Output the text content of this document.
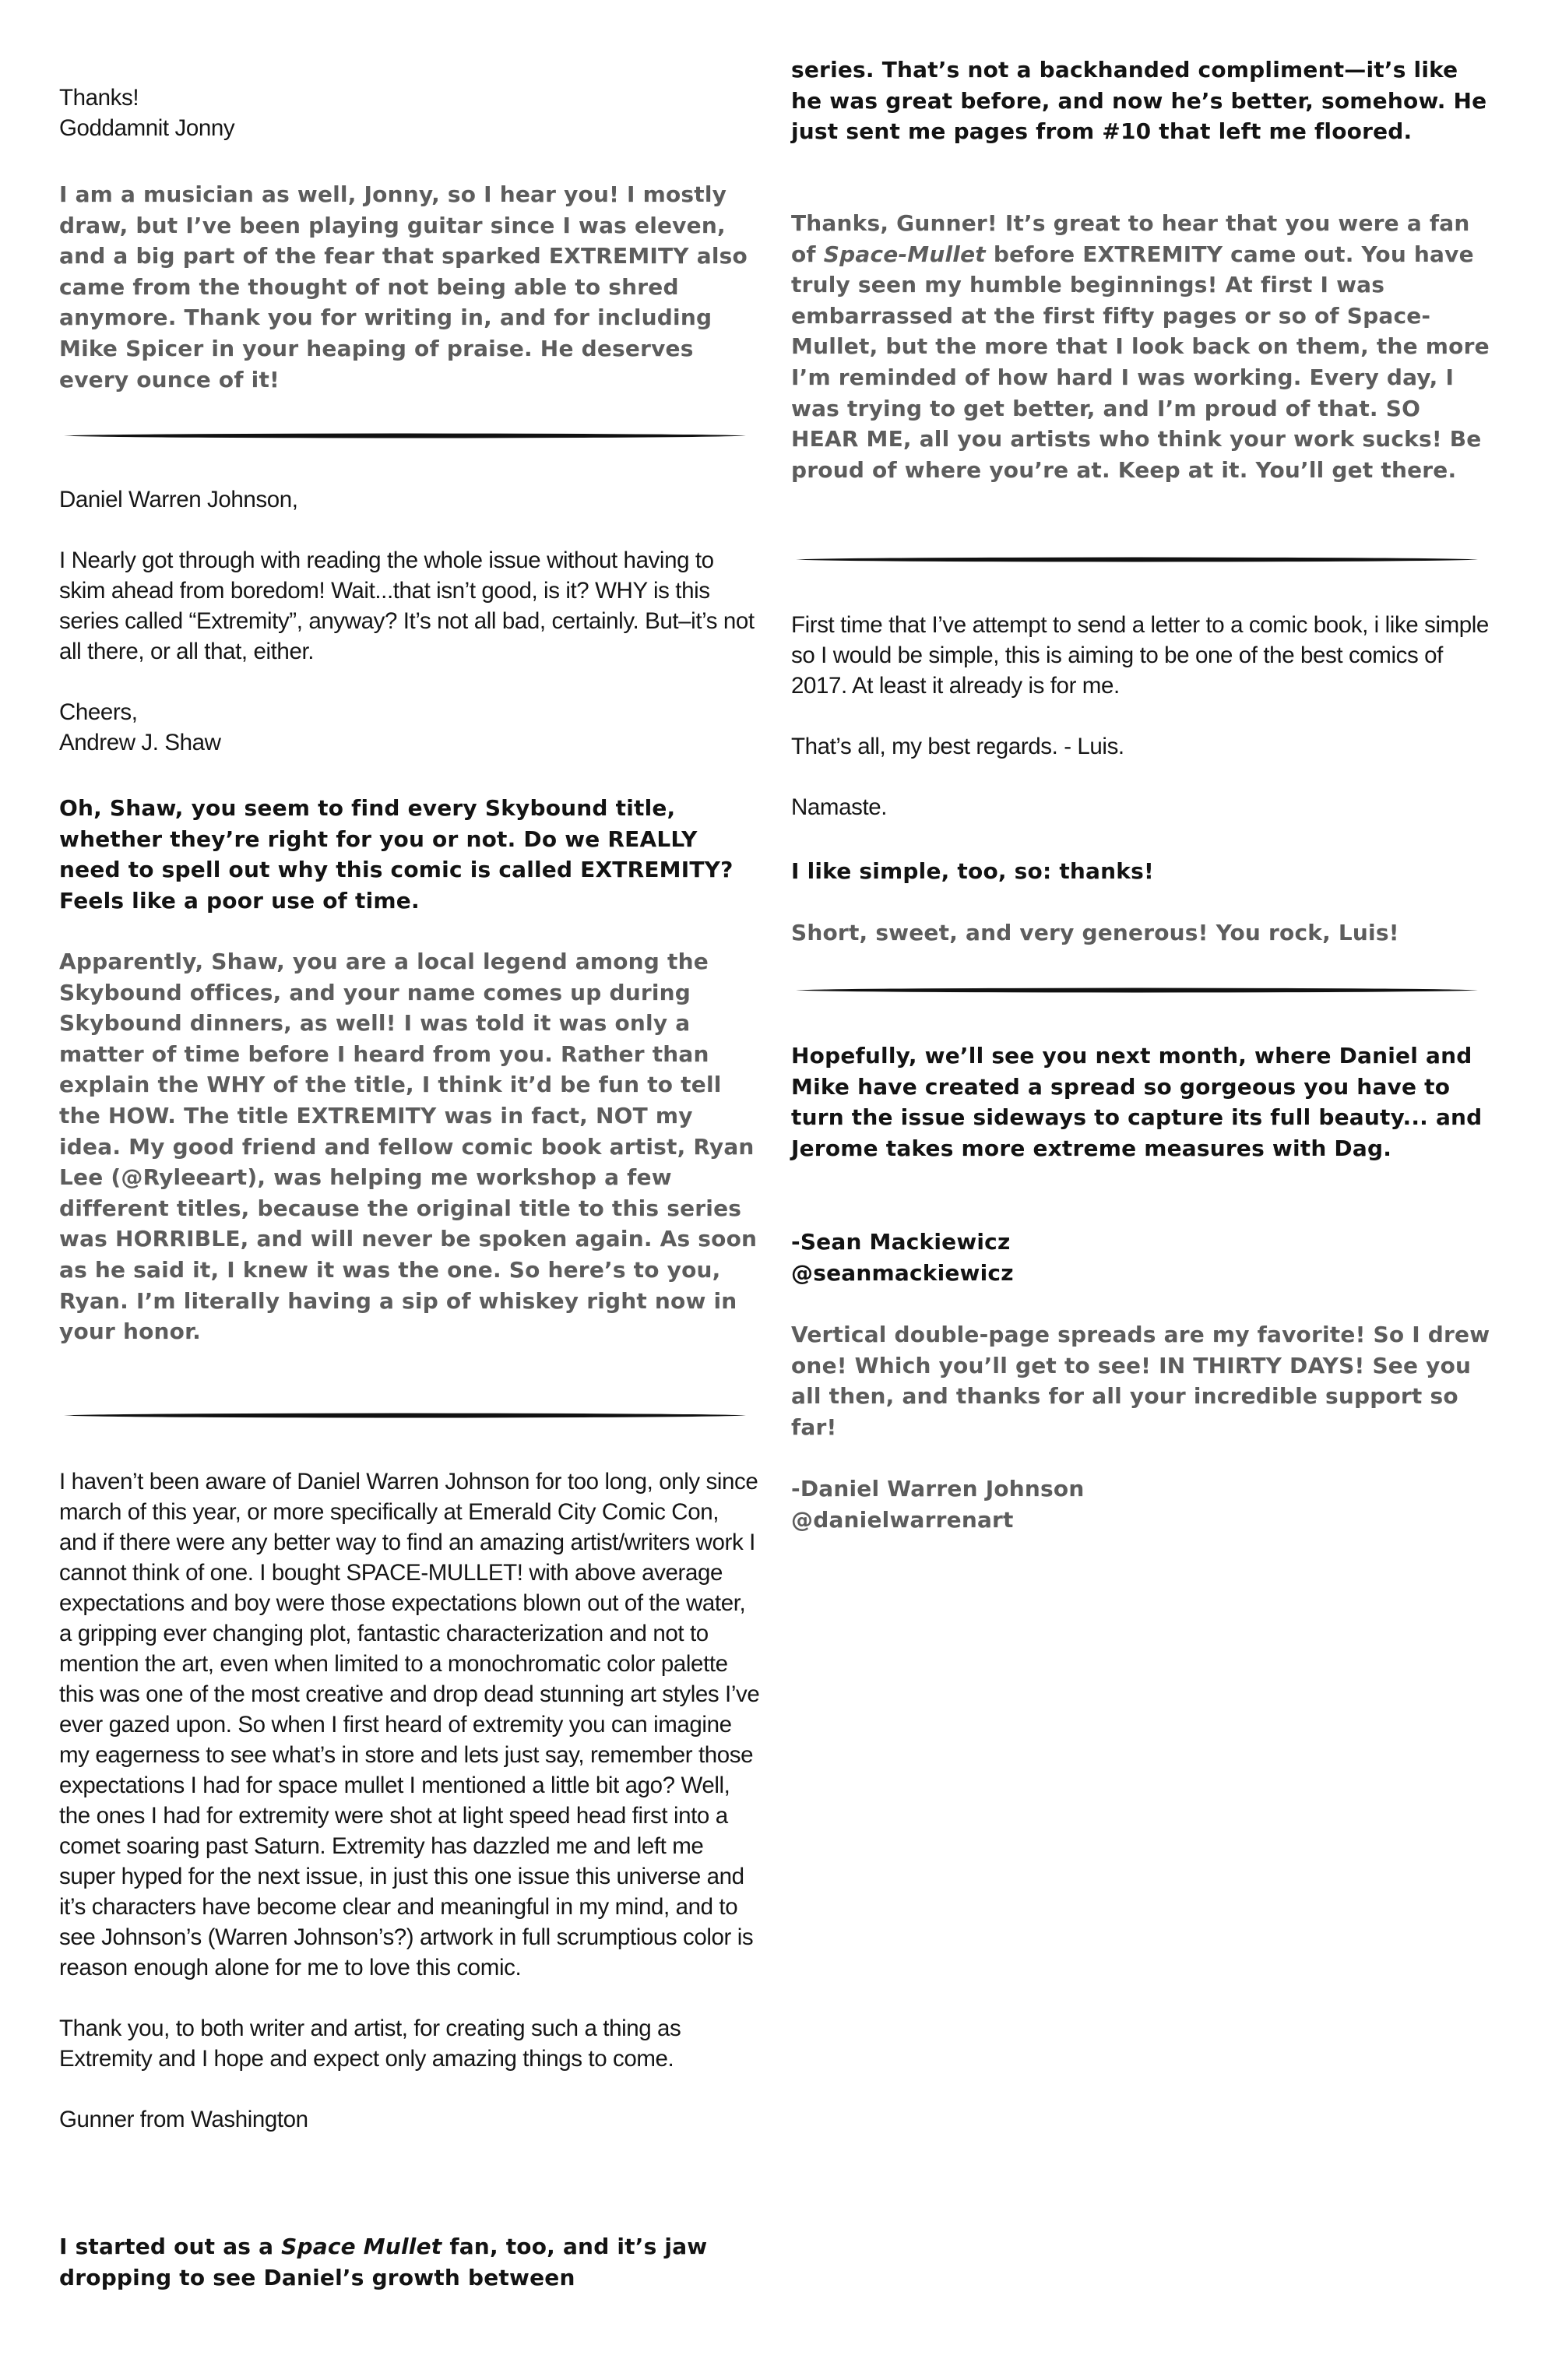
Thanks!
Goddamnit Jonny

I am a musician as well, Jonny, so I hear you! I mostly draw, but I’ve been playing guitar since I was eleven, and a big part of the fear that sparked EXTREMITY also came from the thought of not being able to shred anymore. Thank you for writing in, and for including Mike Spicer in your heaping of praise. He deserves every ounce of it!

Daniel Warren Johnson,
I Nearly got through with reading the whole issue without having to skim ahead from boredom! Wait...that isn’t good, is it? WHY is this series called “Extremity”, anyway? It’s not all bad, certainly. But–it’s not all there, or all that, either.
Cheers,
Andrew J. Shaw

Oh, Shaw, you seem to find every Skybound title, whether they’re right for you or not. Do we REALLY need to spell out why this comic is called EXTREMITY? Feels like a poor use of time.

Apparently, Shaw, you are a local legend among the Skybound offices, and your name comes up during Skybound dinners, as well! I was told it was only a matter of time before I heard from you. Rather than explain the WHY of the title, I think it’d be fun to tell the HOW. The title EXTREMITY was in fact, NOT my idea. My good friend and fellow comic book artist, Ryan Lee (@Ryleeart), was helping me workshop a few different titles, because the original title to this series was HORRIBLE, and will never be spoken again. As soon as he said it, I knew it was the one. So here’s to you, Ryan. I’m literally having a sip of whiskey right now in your honor.

I haven’t been aware of Daniel Warren Johnson for too long, only since march of this year, or more specifically at Emerald City Comic Con, and if there were any better way to find an amazing artist/writers work I cannot think of one. I bought SPACE-MULLET! with above average expectations and boy were those expectations blown out of the water, a gripping ever changing plot, fantastic characterization and not to mention the art, even when limited to a monochromatic color palette this was one of the most creative and drop dead stunning art styles I’ve ever gazed upon. So when I first heard of extremity you can imagine my eagerness to see what’s in store and lets just say, remember those expectations I had for space mullet I mentioned a little bit ago? Well, the ones I had for extremity were shot at light speed head first into a comet soaring past Saturn. Extremity has dazzled me and left me super hyped for the next issue, in just this one issue this universe and it’s characters have become clear and meaningful in my mind, and to see Johnson’s (Warren Johnson’s?) artwork in full scrumptious color is reason enough alone for me to love this comic.
Thank you, to both writer and artist, for creating such a thing as Extremity and I hope and expect only amazing things to come.
Gunner from Washington

I started out as a Space Mullet fan, too, and it’s jaw dropping to see Daniel’s growth between

series. That’s not a backhanded compliment—it’s like he was great before, and now he’s better, somehow. He just sent me pages from #10 that left me floored.

Thanks, Gunner! It’s great to hear that you were a fan of Space-Mullet before EXTREMITY came out. You have truly seen my humble beginnings! At first I was embarrassed at the first fifty pages or so of Space-Mullet, but the more that I look back on them, the more I’m reminded of how hard I was working. Every day, I was trying to get better, and I’m proud of that. SO HEAR ME, all you artists who think your work sucks! Be proud of where you’re at. Keep at it. You’ll get there.

First time that I’ve attempt to send a letter to a comic book, i like simple so I would be simple, this is aiming to be one of the best comics of 2017. At least it already is for me.
That’s all, my best regards. - Luis.
Namaste.

I like simple, too, so: thanks!

Short, sweet, and very generous! You rock, Luis!

Hopefully, we’ll see you next month, where Daniel and Mike have created a spread so gorgeous you have to turn the issue sideways to capture its full beauty... and Jerome takes more extreme measures with Dag.

-Sean Mackiewicz
@seanmackiewicz

Vertical double-page spreads are my favorite! So I drew one! Which you’ll get to see! IN THIRTY DAYS! See you all then, and thanks for all your incredible support so far!

-Daniel Warren Johnson
@danielwarrenart
